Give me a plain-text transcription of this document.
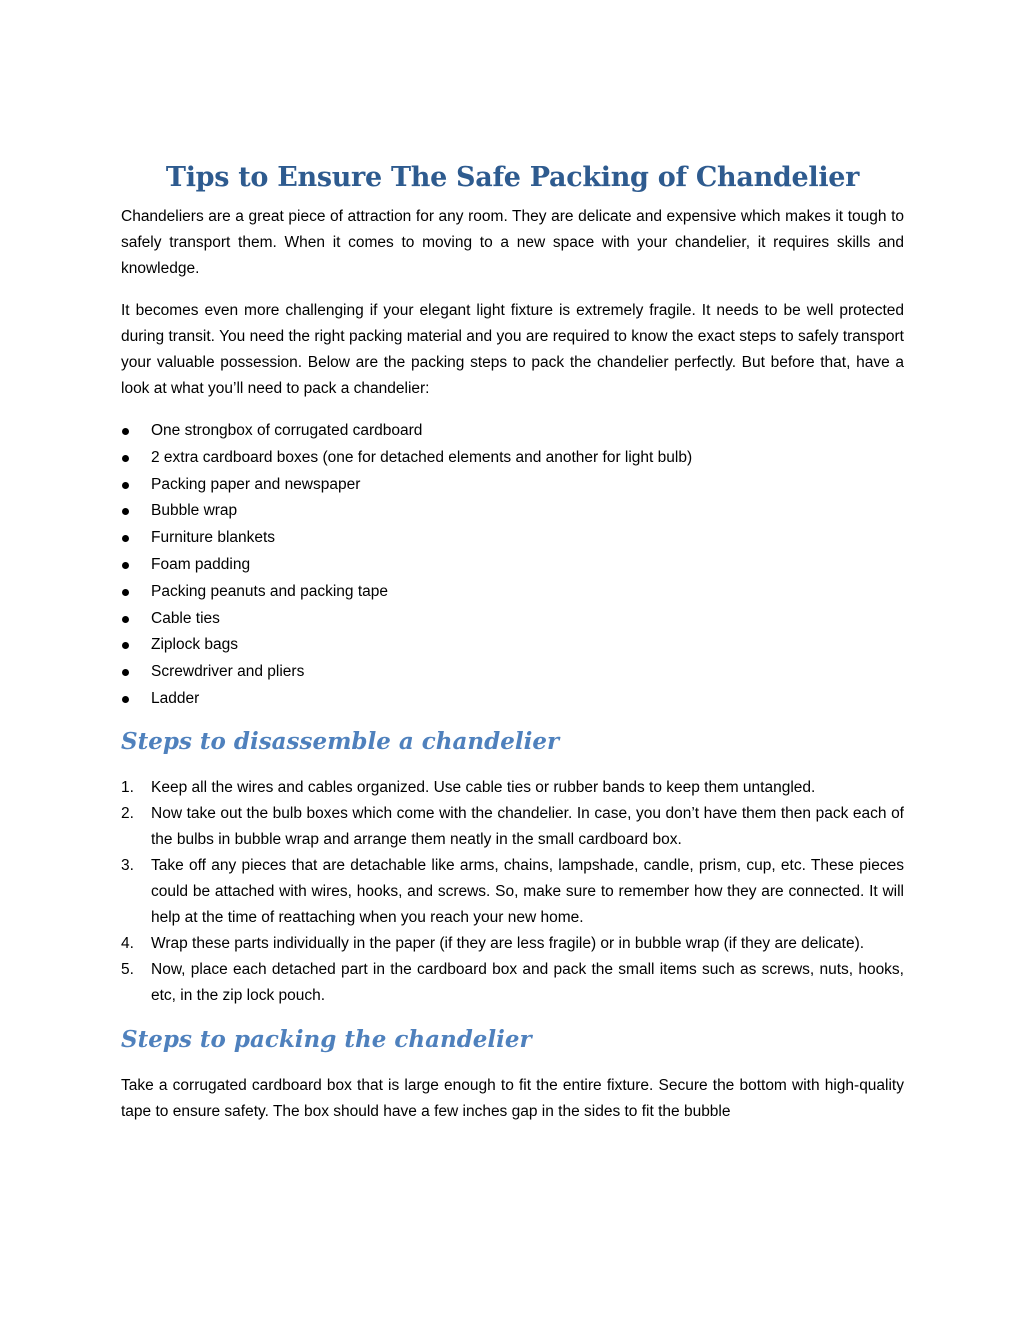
Tips to Ensure The Safe Packing of Chandelier

Chandeliers are a great piece of attraction for any room. They are delicate and expensive which makes it tough to safely transport them. When it comes to moving to a new space with your chandelier, it requires skills and knowledge.

It becomes even more challenging if your elegant light fixture is extremely fragile. It needs to be well protected during transit. You need the right packing material and you are required to know the exact steps to safely transport your valuable possession. Below are the packing steps to pack the chandelier perfectly. But before that, have a look at what you’ll need to pack a chandelier:

One strongbox of corrugated cardboard
2 extra cardboard boxes (one for detached elements and another for light bulb)
Packing paper and newspaper
Bubble wrap
Furniture blankets
Foam padding
Packing peanuts and packing tape
Cable ties
Ziplock bags
Screwdriver and pliers
Ladder
Steps to disassemble a chandelier
1. Keep all the wires and cables organized. Use cable ties or rubber bands to keep them untangled.
2. Now take out the bulb boxes which come with the chandelier. In case, you don’t have them then pack each of the bulbs in bubble wrap and arrange them neatly in the small cardboard box.
3. Take off any pieces that are detachable like arms, chains, lampshade, candle, prism, cup, etc. These pieces could be attached with wires, hooks, and screws. So, make sure to remember how they are connected. It will help at the time of reattaching when you reach your new home.
4. Wrap these parts individually in the paper (if they are less fragile) or in bubble wrap (if they are delicate).
5. Now, place each detached part in the cardboard box and pack the small items such as screws, nuts, hooks, etc, in the zip lock pouch.
Steps to packing the chandelier

Take a corrugated cardboard box that is large enough to fit the entire fixture. Secure the bottom with high-quality tape to ensure safety. The box should have a few inches gap in the sides to fit the bubble
